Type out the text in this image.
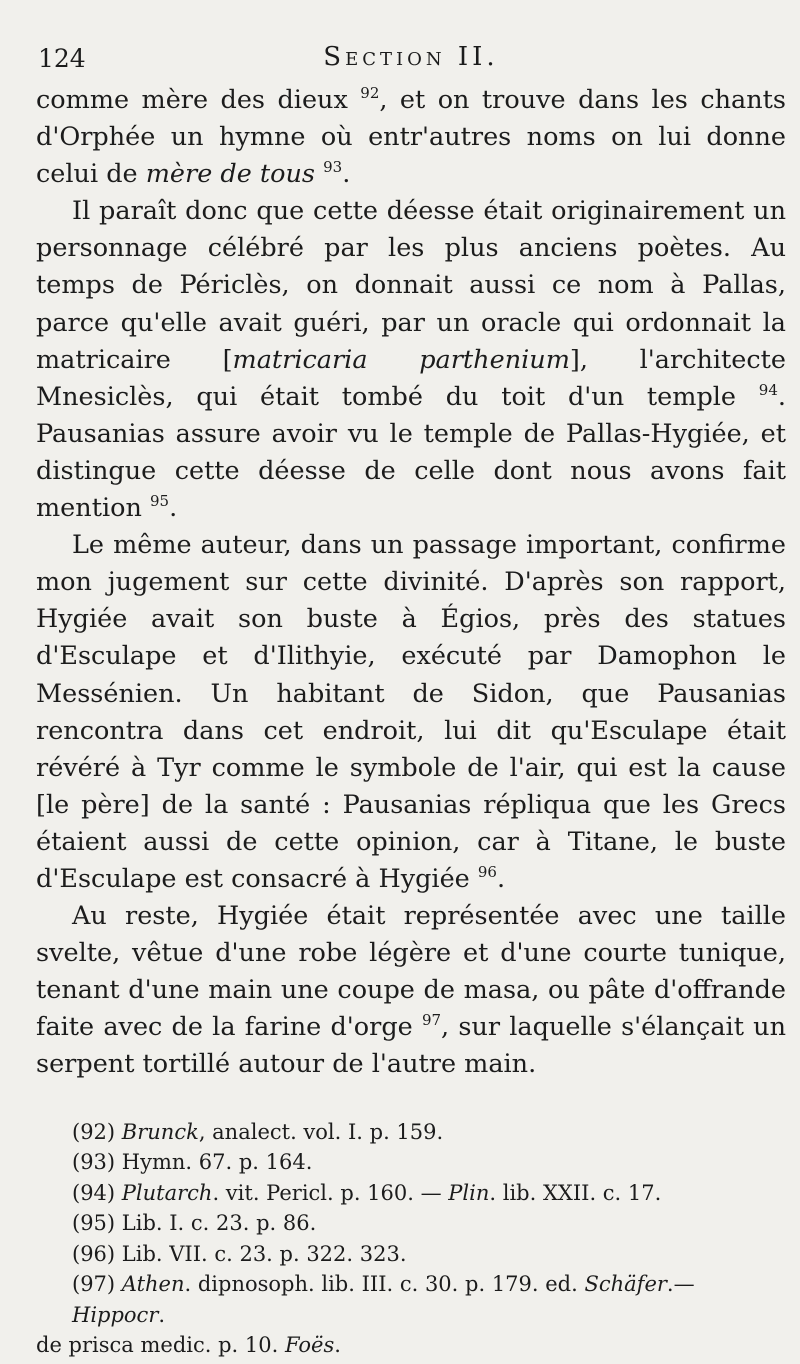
124	Section II.

comme mère des dieux $^{92}$, et on trouve dans les chants d'Orphée un hymne où entr'autres noms on lui donne celui de mère de tous $^{93}$.

Il paraît donc que cette déesse était originairement un personnage célébré par les plus anciens poètes. Au temps de Périclès, on donnait aussi ce nom à Pallas, parce qu'elle avait guéri, par un oracle qui ordonnait la matricaire [matricaria parthenium], l'architecte Mnesiclès, qui était tombé du toit d'un temple $^{94}$. Pausanias assure avoir vu le temple de Pallas-Hygiée, et distingue cette déesse de celle dont nous avons fait mention $^{95}$.

Le même auteur, dans un passage important, confirme mon jugement sur cette divinité. D'après son rapport, Hygiée avait son buste à Égios, près des statues d'Esculape et d'Ilithyie, exécuté par Damophon le Messénien. Un habitant de Sidon, que Pausanias rencontra dans cet endroit, lui dit qu'Esculape était révéré à Tyr comme le symbole de l'air, qui est la cause [le père] de la santé : Pausanias répliqua que les Grecs étaient aussi de cette opinion, car à Titane, le buste d'Esculape est consacré à Hygiée $^{96}$.

Au reste, Hygiée était représentée avec une taille svelte, vêtue d'une robe légère et d'une courte tunique, tenant d'une main une coupe de masa, ou pâte d'offrande faite avec de la farine d'orge $^{97}$, sur laquelle s'élançait un serpent tortillé autour de l'autre main.

(92) Brunck, analect. vol. I. p. 159.
(93) Hymn. 67. p. 164.
(94) Plutarch. vit. Pericl. p. 160. — Plin. lib. XXII. c. 17.
(95) Lib. I. c. 23. p. 86.
(96) Lib. VII. c. 23. p. 322. 323.
(97) Athen. dipnosoph. lib. III. c. 30. p. 179. ed. Schäfer.—Hippocr.
de prisca medic. p. 10. Foës.
